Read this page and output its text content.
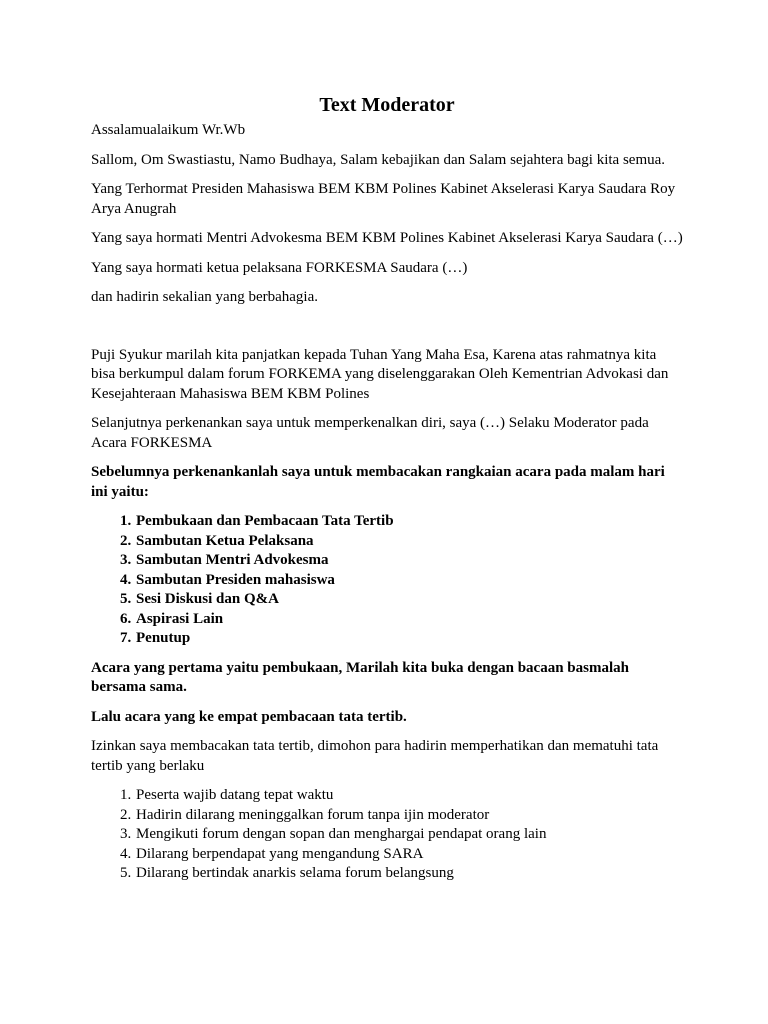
Text Moderator

Assalamualaikum Wr.Wb

Sallom, Om Swastiastu, Namo Budhaya, Salam kebajikan dan Salam sejahtera bagi kita semua.

Yang Terhormat Presiden Mahasiswa BEM KBM Polines Kabinet Akselerasi Karya Saudara Roy Arya Anugrah

Yang saya hormati Mentri Advokesma BEM KBM Polines Kabinet Akselerasi Karya Saudara (…)

Yang saya hormati ketua pelaksana FORKESMA Saudara (…)

dan hadirin sekalian yang berbahagia.

Puji Syukur marilah kita panjatkan kepada Tuhan Yang Maha Esa, Karena atas rahmatnya kita bisa berkumpul dalam forum FORKEMA yang diselenggarakan Oleh Kementrian Advokasi dan Kesejahteraan Mahasiswa BEM KBM Polines

Selanjutnya perkenankan saya untuk memperkenalkan diri, saya (…) Selaku Moderator pada Acara FORKESMA

Sebelumnya perkenankanlah saya untuk membacakan rangkaian acara pada malam hari ini yaitu:

1. Pembukaan dan Pembacaan Tata Tertib
2. Sambutan Ketua Pelaksana
3. Sambutan Mentri Advokesma
4. Sambutan Presiden mahasiswa
5. Sesi Diskusi dan Q&A
6. Aspirasi Lain
7. Penutup

Acara yang pertama yaitu pembukaan, Marilah kita buka dengan bacaan basmalah bersama sama.

Lalu acara yang ke empat pembacaan tata tertib.

Izinkan saya membacakan tata tertib, dimohon para hadirin memperhatikan dan mematuhi tata tertib yang berlaku

1. Peserta wajib datang tepat waktu
2. Hadirin dilarang meninggalkan forum tanpa ijin moderator
3. Mengikuti forum dengan sopan dan menghargai pendapat orang lain
4. Dilarang berpendapat yang mengandung SARA
5. Dilarang bertindak anarkis selama forum belangsung
